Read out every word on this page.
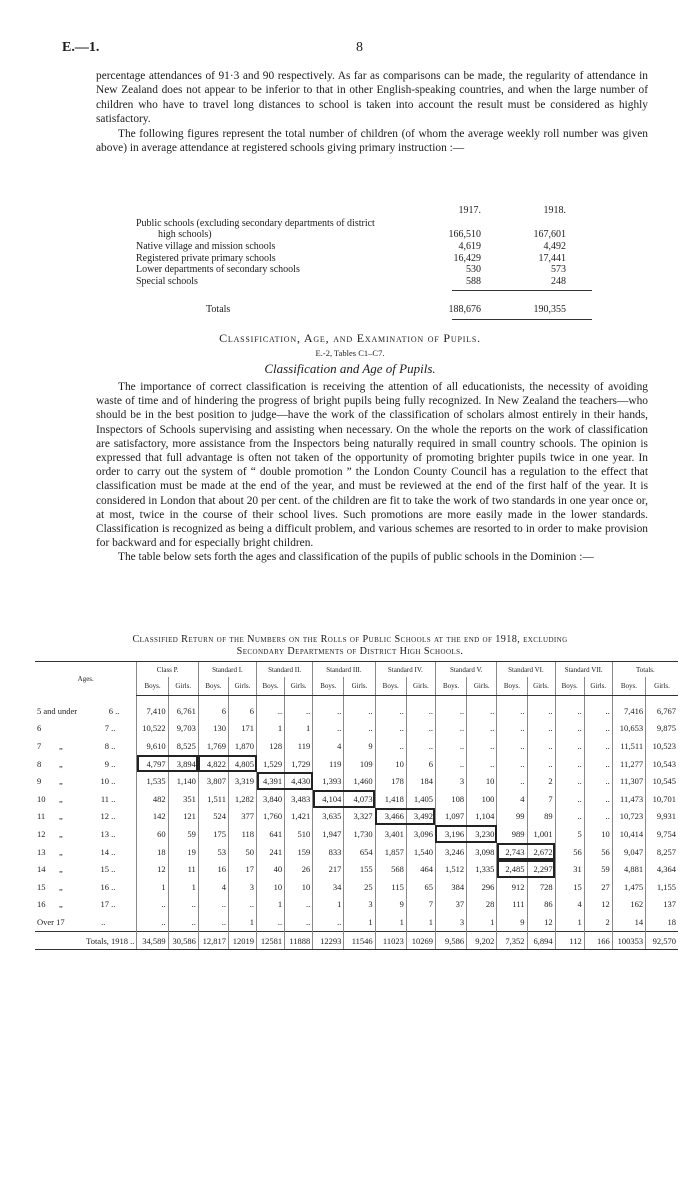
E.—1.	8

percentage attendances of 91·3 and 90 respectively. As far as comparisons can be made, the regularity of attendance in New Zealand does not appear to be inferior to that in other English-speaking countries, and when the large number of children who have to travel long distances to school is taken into account the result must be considered as highly satisfactory.

The following figures represent the total number of children (of whom the average weekly roll number was given above) in average attendance at registered schools giving primary instruction :—

1917.	1918.
Public schools (excluding secondary departments of district
high schools)	166,510	167,601
Native village and mission schools	4,619	4,492
Registered private primary schools	16,429	17,441
Lower departments of secondary schools	530	573
Special schools	588	248
Totals	188,676	190,355
Classification, Age, and Examination of Pupils.
E.-2, Tables C1–C7.
Classification and Age of Pupils.

The importance of correct classification is receiving the attention of all educationists, the necessity of avoiding waste of time and of hindering the progress of bright pupils being fully recognized. In New Zealand the teachers—who should be in the best position to judge—have the work of the classification of scholars almost entirely in their hands, Inspectors of Schools supervising and assisting when necessary. On the whole the reports on the work of classification are satisfactory, more assistance from the Inspectors being naturally required in small country schools. The opinion is expressed that full advantage is often not taken of the opportunity of promoting brighter pupils twice in one year. In order to carry out the system of “ double promotion ” the London County Council has a regulation to the effect that classification must be made at the end of the year, and must be reviewed at the end of the first half of the year. It is considered in London that about 20 per cent. of the children are fit to take the work of two standards in one year once or, at most, twice in the course of their school lives. Such promotions are more easily made in the lower standards. Classification is recognized as being a difficult problem, and various schemes are resorted to in order to make provision for backward and for especially bright children.

The table below sets forth the ages and classification of the pupils of public schools in the Dominion :—

Classified Return of the Numbers on the Rolls of Public Schools at the end of 1918, excluding
Secondary Departments of District High Schools.
Ages.	Class P.		Standard I.		Standard II.		Standard III.		Standard IV.		Standard V.		Standard VI.		Standard VII.		Totals.	
	Boys.	Girls.	Boys.	Girls.	Boys.	Girls.	Boys.	Girls.	Boys.	Girls.	Boys.	Girls.	Boys.	Girls.	Boys.	Girls.	Boys.	Girls.
5 and under 6 ..	7,410	6,761	6	6	..	..	..	..	..	..	..	..	..	..	..	..	7,416	6,767
6 7 ..	10,522	9,703	130	171	1	1	..	..	..	..	..	..	..	..	..	..	10,653	9,875
7 „ 8 ..	9,610	8,525	1,769	1,870	128	119	4	9	..	..	..	..	..	..	..	..	11,511	10,523
8 „ 9 ..	4,797	3,894	4,822	4,805	1,529	1,729	119	109	10	6	..	..	..	..	..	..	11,277	10,543
9 „ 10 ..	1,535	1,140	3,807	3,319	4,391	4,430	1,393	1,460	178	184	3	10	..	2	..	..	11,307	10,545
10 „ 11 ..	482	351	1,511	1,282	3,840	3,483	4,104	4,073	1,418	1,405	108	100	4	7	..	..	11,473	10,701
11 „ 12 ..	142	121	524	377	1,760	1,421	3,635	3,327	3,466	3,492	1,097	1,104	99	89	..	..	10,723	9,931
12 „ 13 ..	60	59	175	118	641	510	1,947	1,730	3,401	3,096	3,196	3,230	989	1,001	5	10	10,414	9,754
13 „ 14 ..	18	19	53	50	241	159	833	654	1,857	1,540	3,246	3,098	2,743	2,672	56	56	9,047	8,257
14 „ 15 ..	12	11	16	17	40	26	217	155	568	464	1,512	1,335	2,485	2,297	31	59	4,881	4,364
15 „ 16 ..	1	1	4	3	10	10	34	25	115	65	384	296	912	728	15	27	1,475	1,155
16 „ 17 ..	..	..	..	..	1	..	1	3	9	7	37	28	111	86	4	12	162	137
Over 17 ..	..	..	..	1	..	..	..	1	1	1	3	1	9	12	1	2	14	18
Totals, 1918 ..	34,589	30,586	12,817	12019	12581	11888	12293	11546	11023	10269	9,586	9,202	7,352	6,894	112	166	100353	92,570
